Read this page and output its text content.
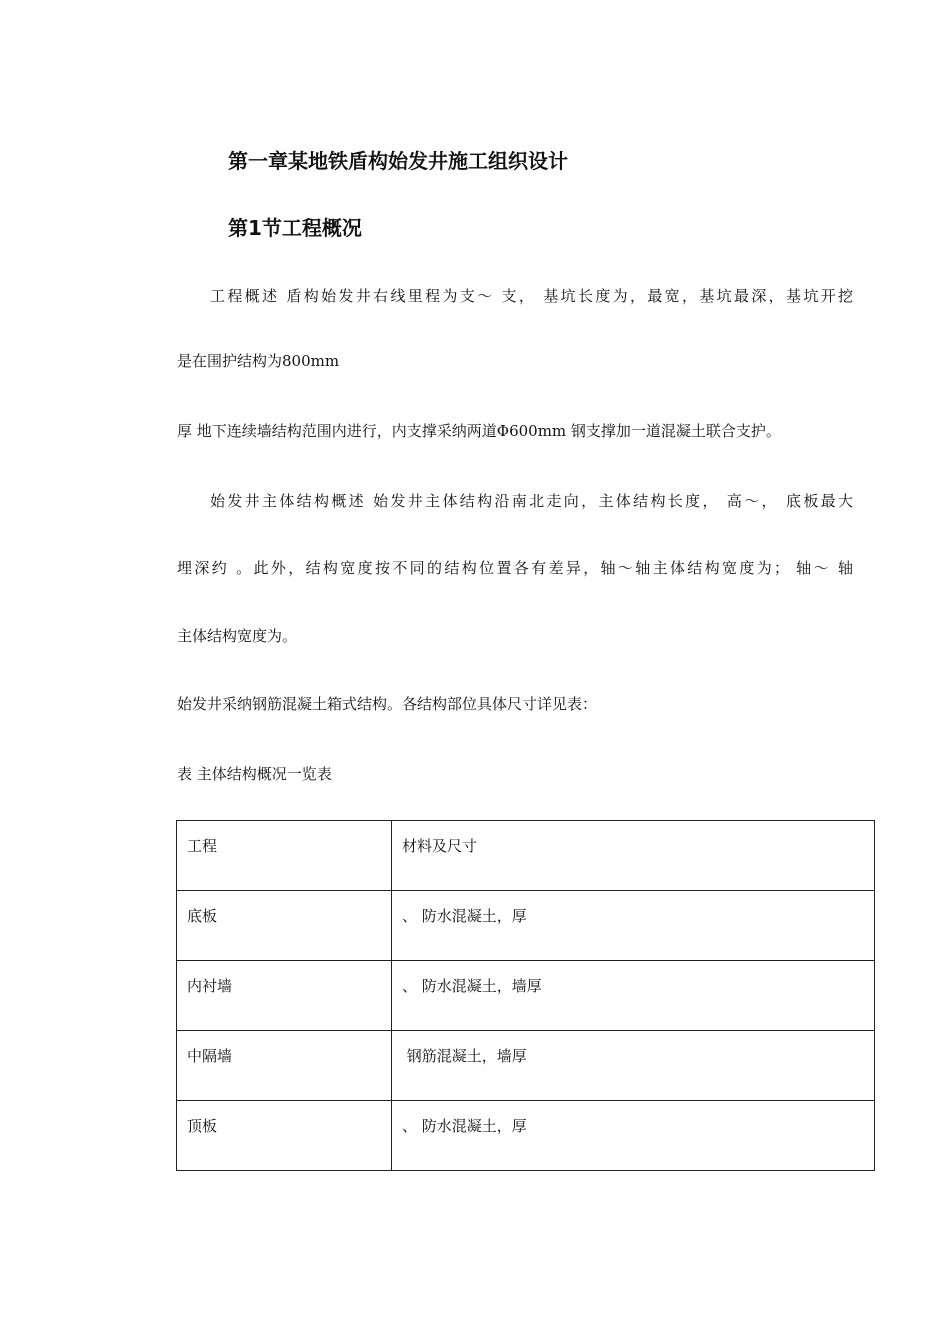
第一章某地铁盾构始发井施工组织设计
第1节工程概况
工程概述 盾构始发井右线里程为支～ 支， 基坑长度为，最宽，基坑最深，基坑开挖
是在围护结构为800mm
厚 地下连续墙结构范围内进行，内支撑采纳两道Φ600mm 钢支撑加一道混凝土联合支护。
始发井主体结构概述 始发井主体结构沿南北走向，主体结构长度， 高～， 底板最大
埋深约 。此外，结构宽度按不同的结构位置各有差异，轴～轴主体结构宽度为； 轴～ 轴
主体结构宽度为。
始发井采纳钢筋混凝土箱式结构。各结构部位具体尺寸详见表：
表 主体结构概况一览表
工程	材料及尺寸
底板	、 防水混凝土，厚
内衬墙	、 防水混凝土，墙厚
中隔墙	钢筋混凝土，墙厚
顶板	、 防水混凝土，厚
